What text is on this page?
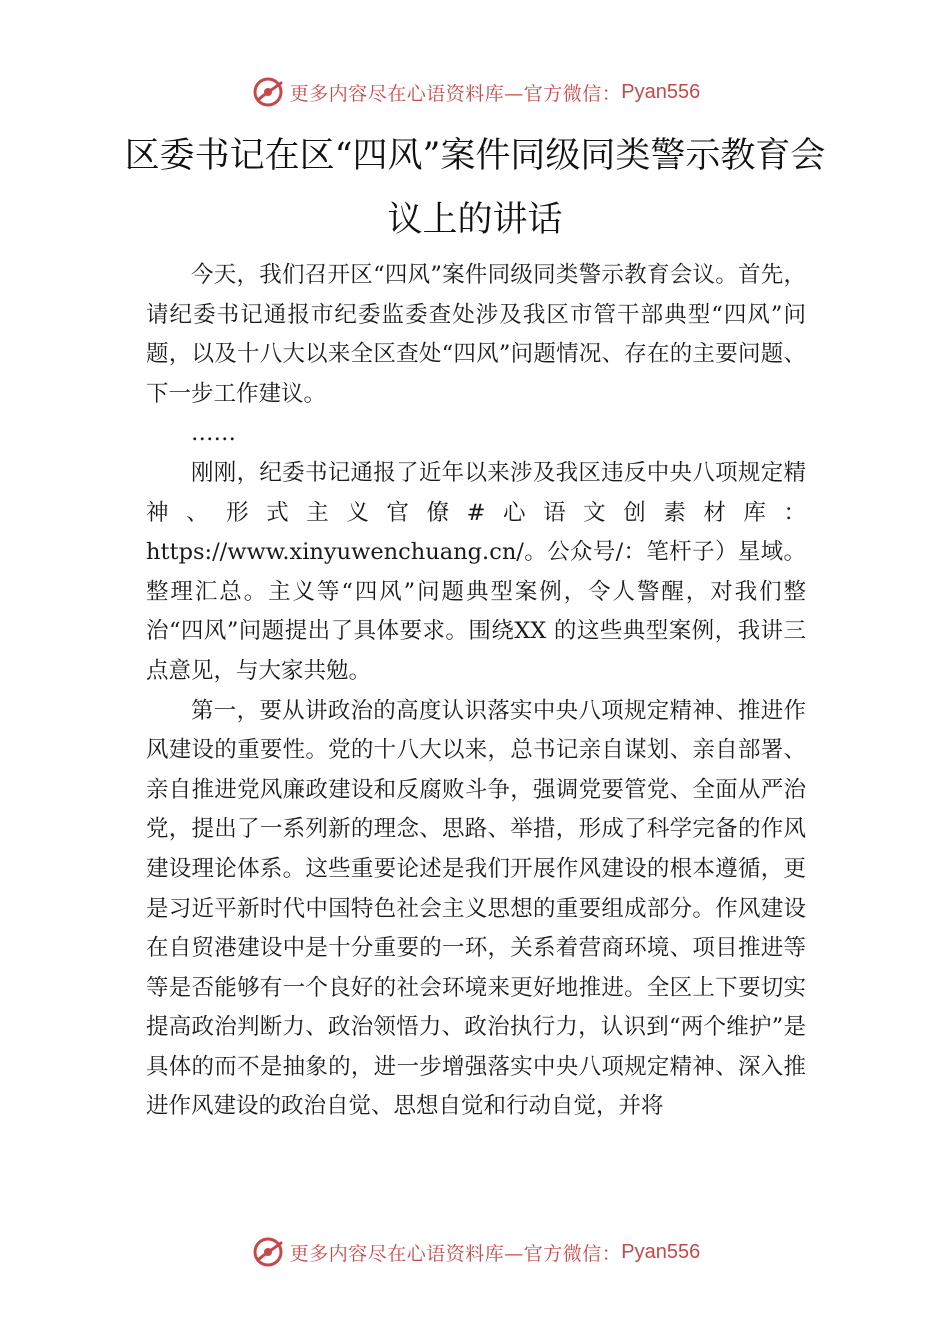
更多内容尽在心语资料库—官方微信： Pyan556
区委书记在区“四风”案件同级同类警示教育会议上的讲话

今天，我们召开区“四风”案件同级同类警示教育会议。首先，请纪委书记通报市纪委监委查处涉及我区市管干部典型“四风”问题，以及十八大以来全区查处“四风”问题情况、存在的主要问题、下一步工作建议。

……

刚刚，纪委书记通报了近年以来涉及我区违反中央八项规定精神、形式主义官僚#心语文创素材库：https://www.xinyuwenchuang.cn/。公众号/：笔杆子）星域。整理汇总。主义等“四风”问题典型案例，令人警醒，对我们整治“四风”问题提出了具体要求。围绕XX 的这些典型案例，我讲三点意见，与大家共勉。

第一，要从讲政治的高度认识落实中央八项规定精神、推进作风建设的重要性。党的十八大以来，总书记亲自谋划、亲自部署、亲自推进党风廉政建设和反腐败斗争，强调党要管党、全面从严治党，提出了一系列新的理念、思路、举措，形成了科学完备的作风建设理论体系。这些重要论述是我们开展作风建设的根本遵循，更是习近平新时代中国特色社会主义思想的重要组成部分。作风建设在自贸港建设中是十分重要的一环，关系着营商环境、项目推进等等是否能够有一个良好的社会环境来更好地推进。全区上下要切实提高政治判断力、政治领悟力、政治执行力，认识到“两个维护”是具体的而不是抽象的，进一步增强落实中央八项规定精神、深入推进作风建设的政治自觉、思想自觉和行动自觉，并将

更多内容尽在心语资料库—官方微信： Pyan556
